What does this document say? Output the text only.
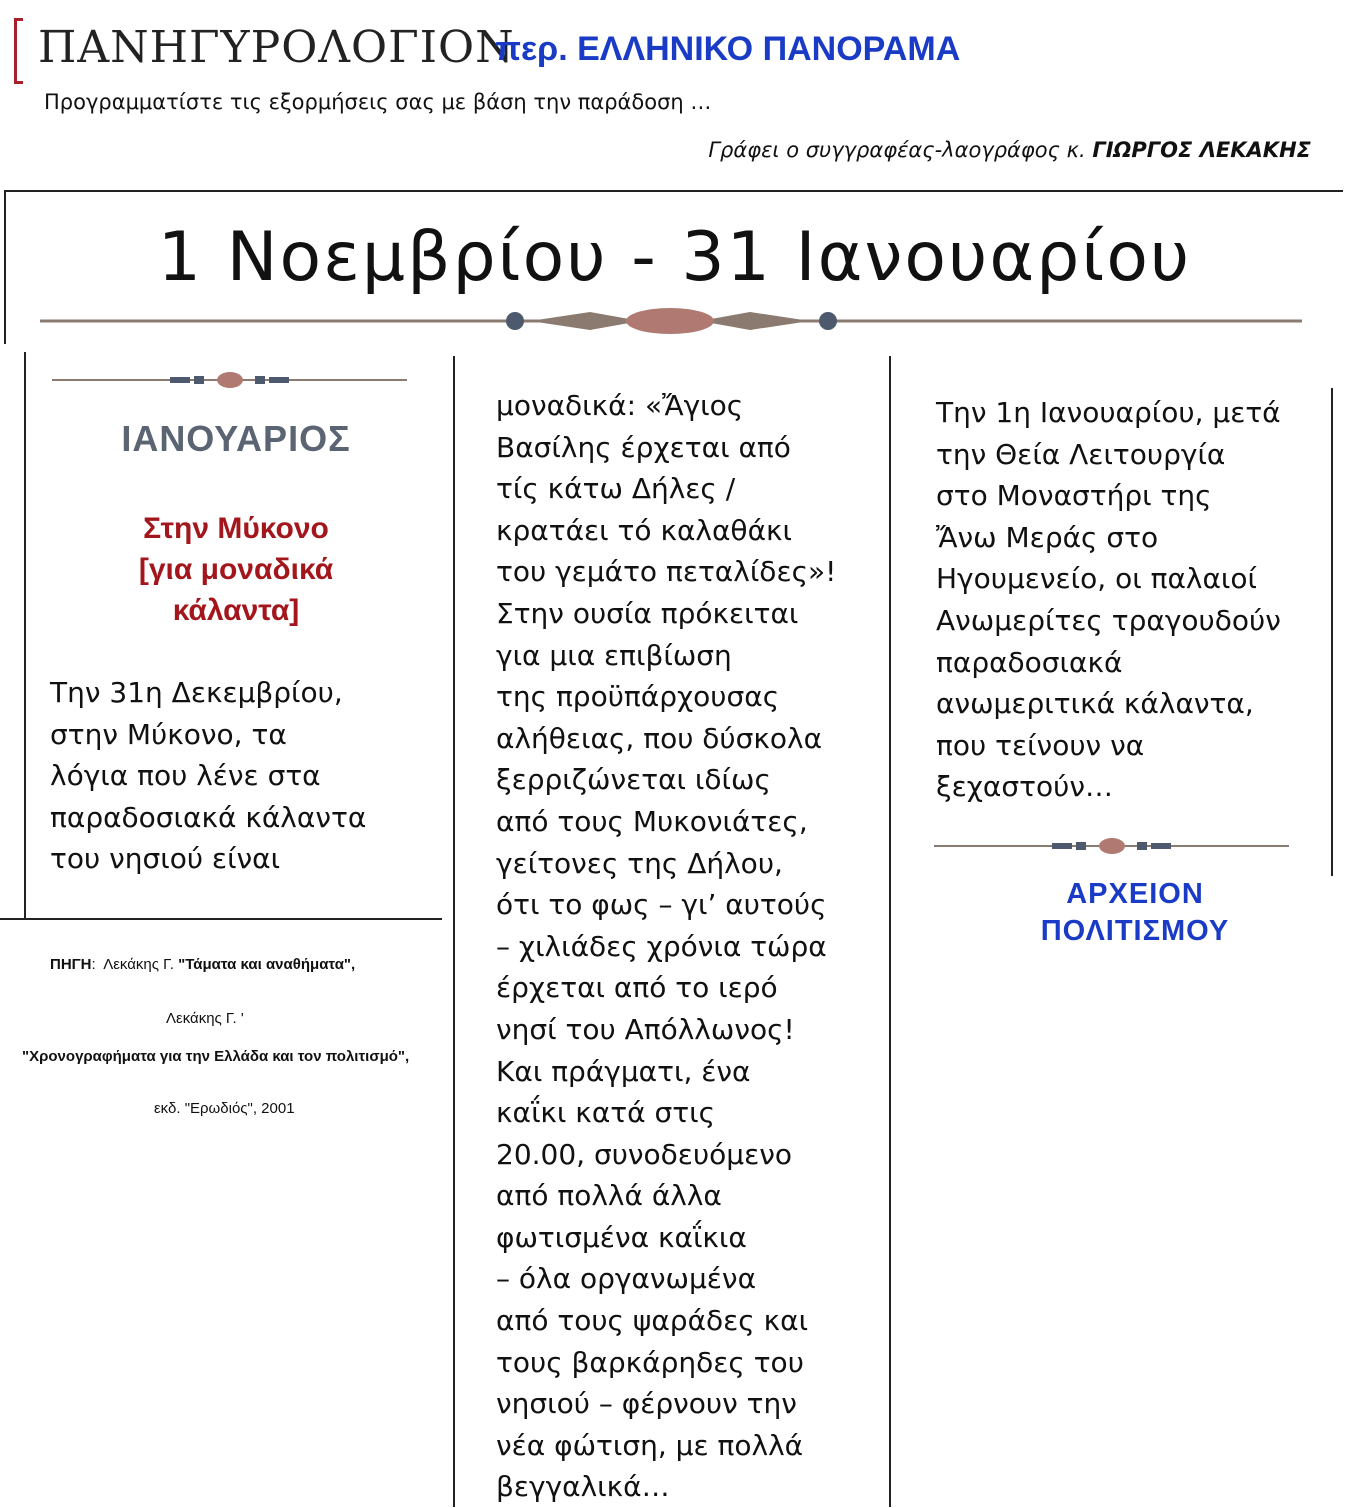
ΠΑΝΗΓΥΡΟΛΟΓΙΟΝ
περ. ΕΛΛΗΝΙΚΟ ΠΑΝΟΡΑΜΑ
Προγραμματίστε τις εξορμήσεις σας με βάση την παράδοση …
Γράφει ο συγγραφέας-λαογράφος κ. ΓΙΩΡΓΟΣ ΛΕΚΑΚΗΣ
1 Νοεμβρίου - 31 Ιανουαρίου
ΙΑΝΟΥΑΡΙΟΣ
Στην Μύκονο
[για μοναδικά
κάλαντα]
Την 31η Δεκεμβρίου,
στην Μύκονο, τα
λόγια που λένε στα
παραδοσιακά κάλαντα
του νησιού είναι
ΠΗΓΗ:  Λεκάκης Γ. "Τάματα και αναθήματα",
Λεκάκης Γ. '
"Χρονογραφήματα για την Ελλάδα και τον πολιτισμό",
εκδ. "Ερωδιός", 2001
μοναδικά: «Ἄγιος
Βασίλης έρχεται από
τίς κάτω Δήλες /
κρατάει τό καλαθάκι
του γεμάτο πεταλίδες»!
Στην ουσία πρόκειται
για μια επιβίωση
της προϋπάρχουσας
αλήθειας, που δύσκολα
ξερριζώνεται ιδίως
από τους Μυκονιάτες,
γείτονες της Δήλου,
ότι το φως – γι’ αυτούς
– χιλιάδες χρόνια τώρα
έρχεται από το ιερό
νησί του Απόλλωνος!
Και πράγματι, ένα
καΐκι κατά στις
20.00, συνοδευόμενο
από πολλά άλλα
φωτισμένα καΐκια
– όλα οργανωμένα
από τους ψαράδες και
τους βαρκάρηδες του
νησιού – φέρνουν την
νέα φώτιση, με πολλά
βεγγαλικά…
Την 1η Ιανουαρίου, μετά
την Θεία Λειτουργία
στο Μοναστήρι της
Ἄνω Μεράς στο
Ηγουμενείο, οι παλαιοί
Ανωμερίτες τραγουδούν
παραδοσιακά
ανωμεριτικά κάλαντα,
που τείνουν να
ξεχαστούν…
ΑΡΧΕΙΟΝ
ΠΟΛΙΤΙΣΜΟΥ
